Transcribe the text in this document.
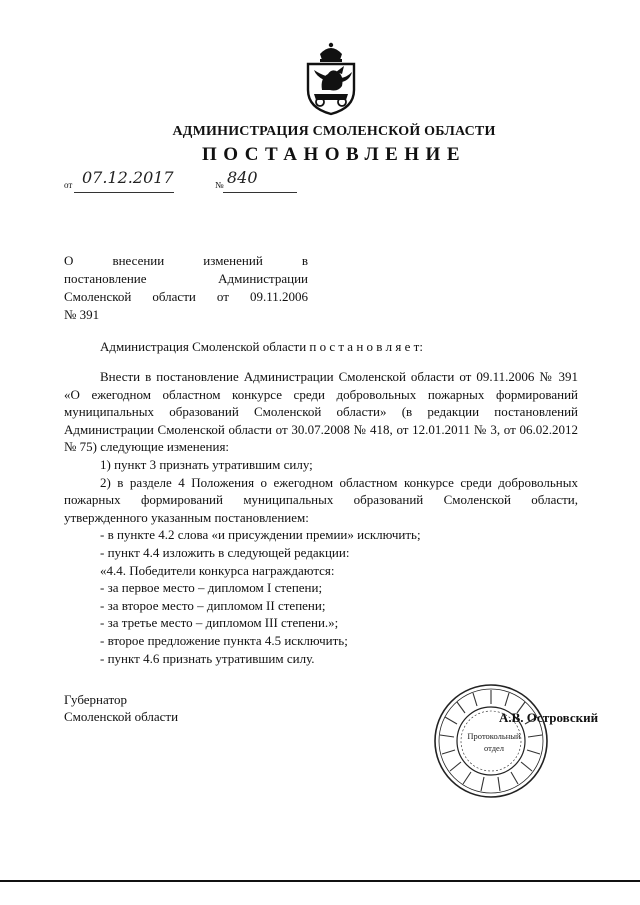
АДМИНИСТРАЦИЯ СМОЛЕНСКОЙ ОБЛАСТИ
ПОСТАНОВЛЕНИЕ
от 07.12.2017	№ 840
О внесении изменений в
постановление Администрации
Смоленской области от 09.11.2006
№ 391
Администрация Смоленской области п о с т а н о в л я е т:

Внести в постановление Администрации Смоленской области от 09.11.2006 № 391 «О ежегодном областном конкурсе среди добровольных пожарных формирований муниципальных образований Смоленской области» (в редакции постановлений Администрации Смоленской области от 30.07.2008 № 418, от 12.01.2011 № 3, от 06.02.2012 № 75) следующие изменения:

1) пункт 3 признать утратившим силу;

2) в разделе 4 Положения о ежегодном областном конкурсе среди добровольных пожарных формирований муниципальных образований Смоленской области, утвержденного указанным постановлением:

- в пункте 4.2 слова «и присуждении премии» исключить;

- пункт 4.4 изложить в следующей редакции:

«4.4. Победители конкурса награждаются:

- за первое место – дипломом I степени;

- за второе место – дипломом II степени;

- за третье место – дипломом III степени.»;

- второе предложение пункта 4.5 исключить;

- пункт 4.6 признать утратившим силу.

Губернатор
Смоленской области
Протокольный
отдел
А.В. Островский
